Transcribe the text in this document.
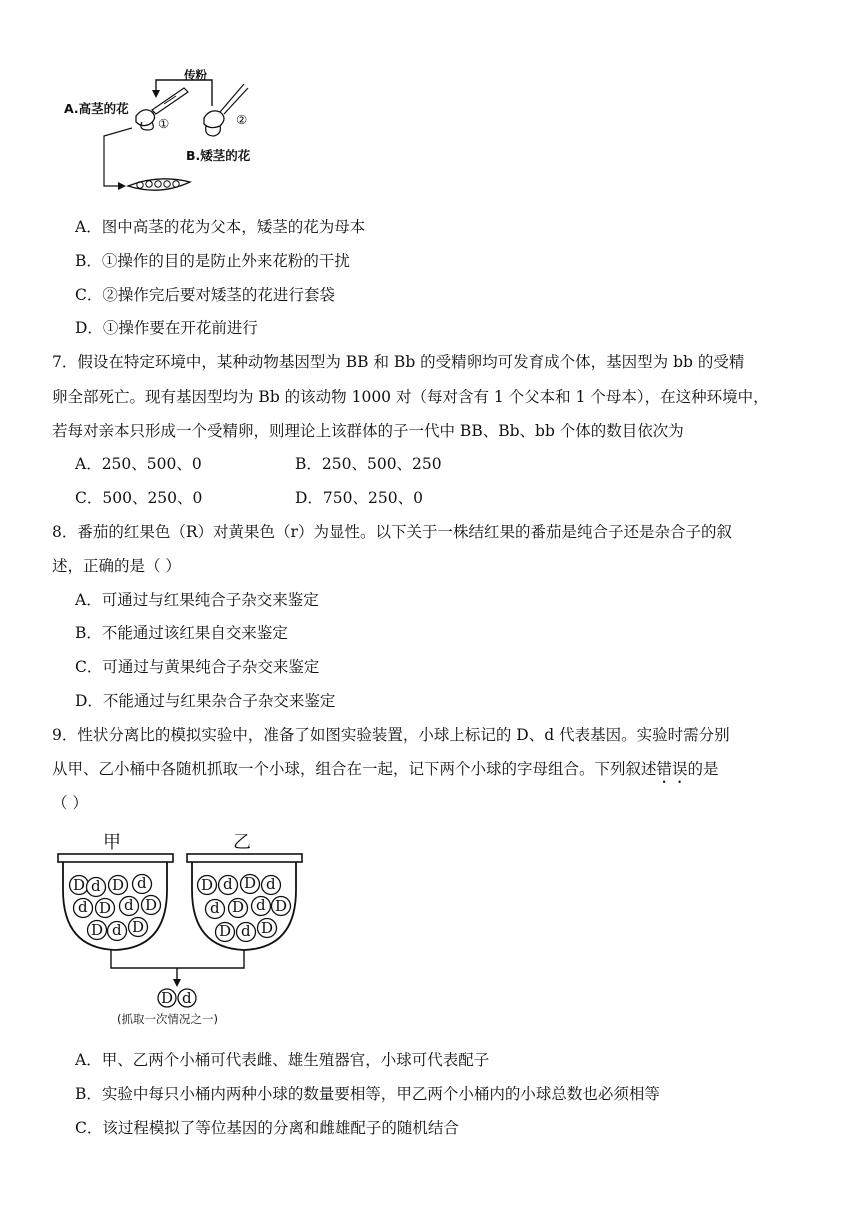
A.高茎的花
B.矮茎的花
传粉
①	②
A．图中高茎的花为父本，矮茎的花为母本
B．①操作的目的是防止外来花粉的干扰
C．②操作完后要对矮茎的花进行套袋
D．①操作要在开花前进行
7．假设在特定环境中，某种动物基因型为 BB 和 Bb 的受精卵均可发育成个体，基因型为 bb 的受精
卵全部死亡。现有基因型均为 Bb 的该动物 1000 对（每对含有 1 个父本和 1 个母本），在这种环境中，
若每对亲本只形成一个受精卵，则理论上该群体的子一代中 BB、Bb、bb 个体的数目依次为
A．250、500、0	B．250、500、250
C．500、250、0	D．750、250、0
8．番茄的红果色（R）对黄果色（r）为显性。以下关于一株结红果的番茄是纯合子还是杂合子的叙
述，正确的是（ ）
A．可通过与红果纯合子杂交来鉴定
B．不能通过该红果自交来鉴定
C．可通过与黄果纯合子杂交来鉴定
D．不能通过与红果杂合子杂交来鉴定
9．性状分离比的模拟实验中，准备了如图实验装置，小球上标记的 D、d 代表基因。实验时需分别
从甲、乙小桶中各随机抓取一个小球，组合在一起，记下两个小球的字母组合。下列叙述错误的是
（ ）
D d D d
d D d D
D d D
D d D d
d D d D
D d D
D d
甲	乙
(抓取一次情况之一)
A．甲、乙两个小桶可代表雌、雄生殖器官，小球可代表配子
B．实验中每只小桶内两种小球的数量要相等，甲乙两个小桶内的小球总数也必须相等
C．该过程模拟了等位基因的分离和雌雄配子的随机结合
